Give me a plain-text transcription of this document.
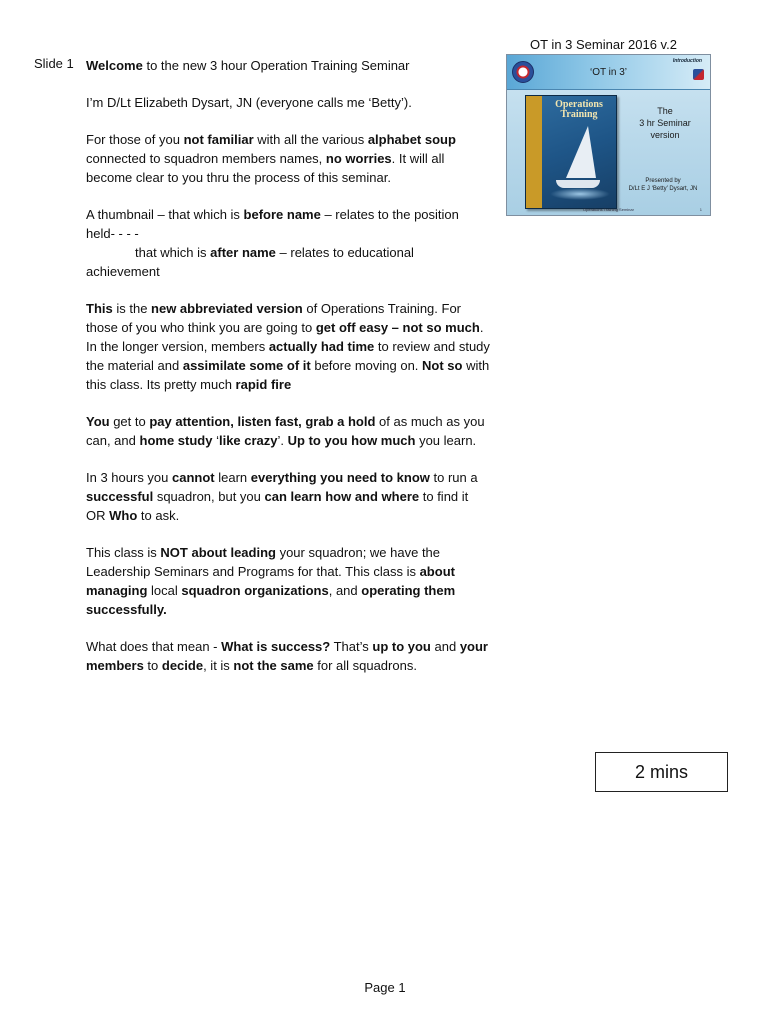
OT in 3 Seminar 2016 v.2
Slide 1	Introduction
‘OT in 3’
Operations Training	The
3 hr Seminar
version
Presented by
D/Lt E J ‘Betty’ Dysart, JN
Operations Training Seminar	1

Welcome to the new 3 hour Operation Training Seminar

I’m D/Lt Elizabeth Dysart, JN (everyone calls me ‘Betty’).

For those of you not familiar with all the various alphabet soup connected to squadron members names, no worries. It will all become clear to you thru the process of this seminar.

A thumbnail – that which is before name – relates to the position held- - - -
that which is after name – relates to educational achievement

This is the new abbreviated version of Operations Training. For those of you who think you are going to get off easy – not so much. In the longer version, members actually had time to review and study the material and assimilate some of it before moving on. Not so with this class. Its pretty much rapid fire

You get to pay attention, listen fast, grab a hold of as much as you can, and home study ‘like crazy’. Up to you how much you learn.

In 3 hours you cannot learn everything you need to know to run a successful squadron, but you can learn how and where to find it OR Who to ask.

This class is NOT about leading your squadron; we have the Leadership Seminars and Programs for that. This class is about managing local squadron organizations, and operating them successfully.

What does that mean - What is success? That’s up to you and your members to decide, it is not the same for all squadrons.

2 mins
Page 1
